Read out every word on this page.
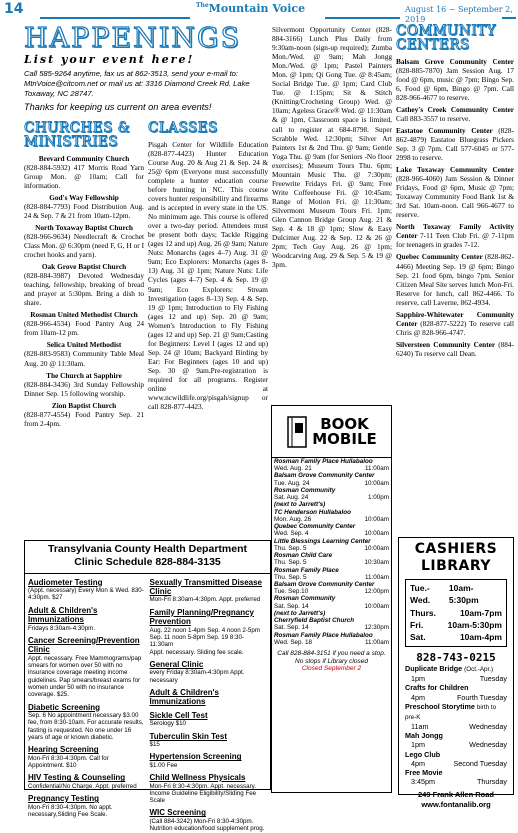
14	$^{The}$Mountain Voice	August 16 ~ September 2, 2019
HAPPENINGS
List your event here!
Call 585-9264 anytime, fax us at 862-3513, send your e-mail to: MtnVoice@citcom.net or mail us at: 3316 Diamond Creek Rd. Lake Toxaway, NC 28747.
Thanks for keeping us current on area events!
CHURCHES & MINISTRIES

Brevard Community Church
(828-884-5932) 417 Morris Road Yarn Group Mon. @ 10am; Call for information.

God's Way Fellowship
(828-884-7793) Food Distribution Aug. 24 & Sep. 7 & 21 from 10am-12pm.

North Toxaway Baptist Church
(828-966-9634) Needlecraft & Crochet Class Mon. @ 6:30pm (need F, G, H or I crochet hooks and yarn).

Oak Grove Baptist Church
(828-884-3987) Devoted Wednesday teaching, fellowship, breaking of bread and prayer at 5:30pm. Bring a dish to share.

Rosman United Methodist Church
(828-966-4534) Food Pantry Aug 24 from 10am-12 pm.

Selica United Methodist
(828-883-9583) Community Table Meal Aug. 20 @ 11:30am.

The Church at Sapphire
(828-884-3436) 3rd Sunday Fellowship Dinner Sep. 15 following worship.

Zion Baptist Church
(828-877-4554) Food Pantry Sep. 21 from 2-4pm.

CLASSES

Pisgah Center for Wildlife Education (828-877-4423) Hunter Education Course Aug. 20 & Aug 21 & Sep. 24 & 25@ 6pm (Everyone must successfully complete a hunter education course before hunting in NC. This course covers hunter responsibility and firearms and is accepted in every state in the US. No minimum age. This course is offered over a two-day period. Attendees must be present both days; Tackle Rigging (ages 12 and up) Aug. 26 @ 9am; Nature Nuts: Monarchs (ages 4–7) Aug. 31 @ 9am; Eco Explorers: Monarchs (ages 8-13) Aug. 31 @ 1pm; Nature Nuts: Life Cycles (ages 4–7) Sep. 4 & Sep. 19 @ 9am; Eco Explorers: Stream Investigation (ages 8–13) Sep. 4 & Sep. 19 @ 1pm; Introduction to Fly Fishing (ages 12 and up) Sep. 20 @ 9am; Women's Introduction to Fly Fishing (ages 12 and up) Sep. 21 @ 9am;Casting for Beginners: Level I (ages 12 and up) Sep. 24 @ 10am; Backyard Birding by Ear: For Beginners (ages 10 and up) Sep. 30 @ 9am.Pre-registration is required for all programs. Register online at www.ncwildlife.org/pisgah/signup or call 828-877-4423.

Silvermont Opportunity Center (828-884-3166) Lunch Plus Daily from 9:30am-noon (sign-up required); Zumba Mon./Wed. @ 9am; Mah Jongg Mon./Wed. @ 1pm; Pastel Painters Mon. @ 1pm; Qi Gong Tue. @ 8:45am; Social Bridge Tue. @ 1pm; Card Club Tue. @ 1:15pm; Sit & Stitch (Knitting/Crocheting Group) Wed. @ 10am; Ageless Grace® Wed. @ 11:30am & @ 1pm, Classroom space is limited, call to register at 684-8798. Super Scrabble Wed. 12:30pm; Silver Art Painters 1st & 2nd Thu. @ 9am; Gentle Yoga Thu. @ 9am (for Seniors -No floor exercises); Museum Tours Thu. 6pm; Mountain Music Thu. @ 7:30pm; Freewrite Fridays Fri. @ 9am; Free Write Coffeehouse Fri. @ 10:45am; Range of Motion Fri. @ 11:30am; Silvermont Museum Tours Fri. 1pm; Glen Cannon Bridge Group Aug. 21 & Sep. 4 & 18 @ 1pm; Slow & Easy Dulcimer Aug. 22 & Sep. 12 & 26 @ 2pm; Tech Guy Aug. 26 @ 1pm; Woodcarving Aug. 29 & Sep. 5 & 19 @ 3pm.

COMMUNITY CENTERS

Balsam Grove Community Center (828-885-7870) Jam Session Aug. 17 food @ 6pm, music @ 7pm; Bingo Sep. 6, Food @ 6pm, Bingo @ 7pm. Call 828-966-4677 to reserve.

Cathey's Creek Community Center Call 883-3557 to reserve.

Eastatoe Community Center (828-862-4879) Eastatoe Bluegrass Pickers Sep. 3 @ 7pm. Call 577-6045 or 577-2998 to reserve.

Lake Toxaway Community Center (828-966-4060) Jam Session & Dinner Fridays, Food @ 6pm, Music @ 7pm; Toxaway Community Food Bank 1st & 3rd Sat. 10am-noon. Call 966-4677 to reserve.

North Toxaway Family Activity Center 7-11 Teen Club Fri. @ 7-11pm for teenagers in grades 7-12.

Quebec Community Center (828-862-4466) Meeting Sep. 19 @ 6pm; Bingo Sep. 21 food 6pm, bingo 7pm. Senior Citizen Meal Site serves lunch Mon-Fri. Reserve for lunch, call 862-4466. To reserve, call Laverne, 862-4934.

Sapphire-Whitewater Community Center (828-877-5222) To reserve call Chris @ 828-966-4747.

Silversteen Community Center (884-6240) To reserve call Dean.

Transylvania County Health Department
Clinic Schedule 828-884-3135
Audiometer Testing
(Appt. necessary) Every Mon & Wed. 830-4:30pm. $27
Adult & Children's Immunizations
Fridays 8:30am-4:30pm.
Cancer Screening/Prevention Clinic
Appt. necessary. Free Mammograms/pap smears for women over 50 with no insurance coverage meeting income guidelines. Pap smears/breast exams for women under 50 with no insurance coverage. $25.
Diabetic Screening
Sep. 6 No appointment necessary $3.00 fee, from 8:30-10am. For accurate results, fasting is requested. No one under 16 years of age or known diabetic.
Hearing Screening
Mon-Fri 8:30-4:30pm. Call for Appointment. $10
HIV Testing & Counseling
Confidential/No Charge. Appt. preferred
Pregnancy Testing
Mon-Fri 8:30-4:30pm. No appt. necessary,Sliding Fee Scale.
Sexually Transmitted Disease Clinic
Mon-Fri 8:30am-4:30pm. Appt. preferred
Family Planning/Pregnancy Prevention
Aug. 22 noon 1-4pm Sep. 4 noon 2-5pm
Sep. 11 noon 5-8pm Sep. 19 8:30-11:30am
Appt. necessary. Sliding fee scale.
General Clinic
every Friday 8:30am-4:30pm Appt. necessary
Adult & Children's Immunizations
Sickle Cell Test
Serology $10
Tuberculin Skin Test
$15
Hypertension Screening
$1.00 Fee
Child Wellness Physicals
Mon-Fri 8:30-4:30pm. Appt. necessary. Income Guideline Eligibility/Sliding Fee Scale
WIC Screening
(Call 884-3242) Mon-Fri 8:30-4:30pm. Nutrition education/food supplement prog.
BOOK
MOBILE
Rosman Family Place Hullabaloo
Wed. Aug. 21	11:00am
Balsam Grove Community Center
Tue. Aug. 24	10:00am
Rosman Community
Sat. Aug. 24	1:00pm
(next to Jarrett's)
TC Henderson Hullabaloo
Mon. Aug. 26	10:00am
Quebec Community Center
Wed. Sep. 4	10:00am
Little Blessings Learning Center
Thu. Sep. 5	10:00am
Rosman Child Care
Thu. Sep. 5	10:30am
Rosman Family Place
Thu. Sep. 5	11:00am
Balsam Grove Community Center
Tue. Sep.10	12:00pm
Rosman Community
Sat. Sep. 14	10:00am
(next to Jarrett's)
Cherryfield Baptist Church
Sat. Sep. 14	12:30pm
Rosman Family Place Hullabaloo
Wed. Sep. 18	11:00am
Call 828-884-3151 if you need a stop.
No stops if Library closed
Closed September 2
CASHIERS LIBRARY
Tue.-Wed.
10am-5:30pm
Thurs.	10am-7pm
Fri.	10am-5:30pm
Sat.	10am-4pm
828-743-0215
Duplicate Bridge (Oct.-Apr.)
1pm	Tuesday
Crafts for Children
4pm	Fourth Tuesday
Preschool Storytime birth to pre-K
11am	Wednesday
Mah Jongg
1pm	Wednesday
Lego Club
4pm	Second Tuesday
Free Movie
3:45pm	Thursday
249 Frank Allen Road
www.fontanalib.org
